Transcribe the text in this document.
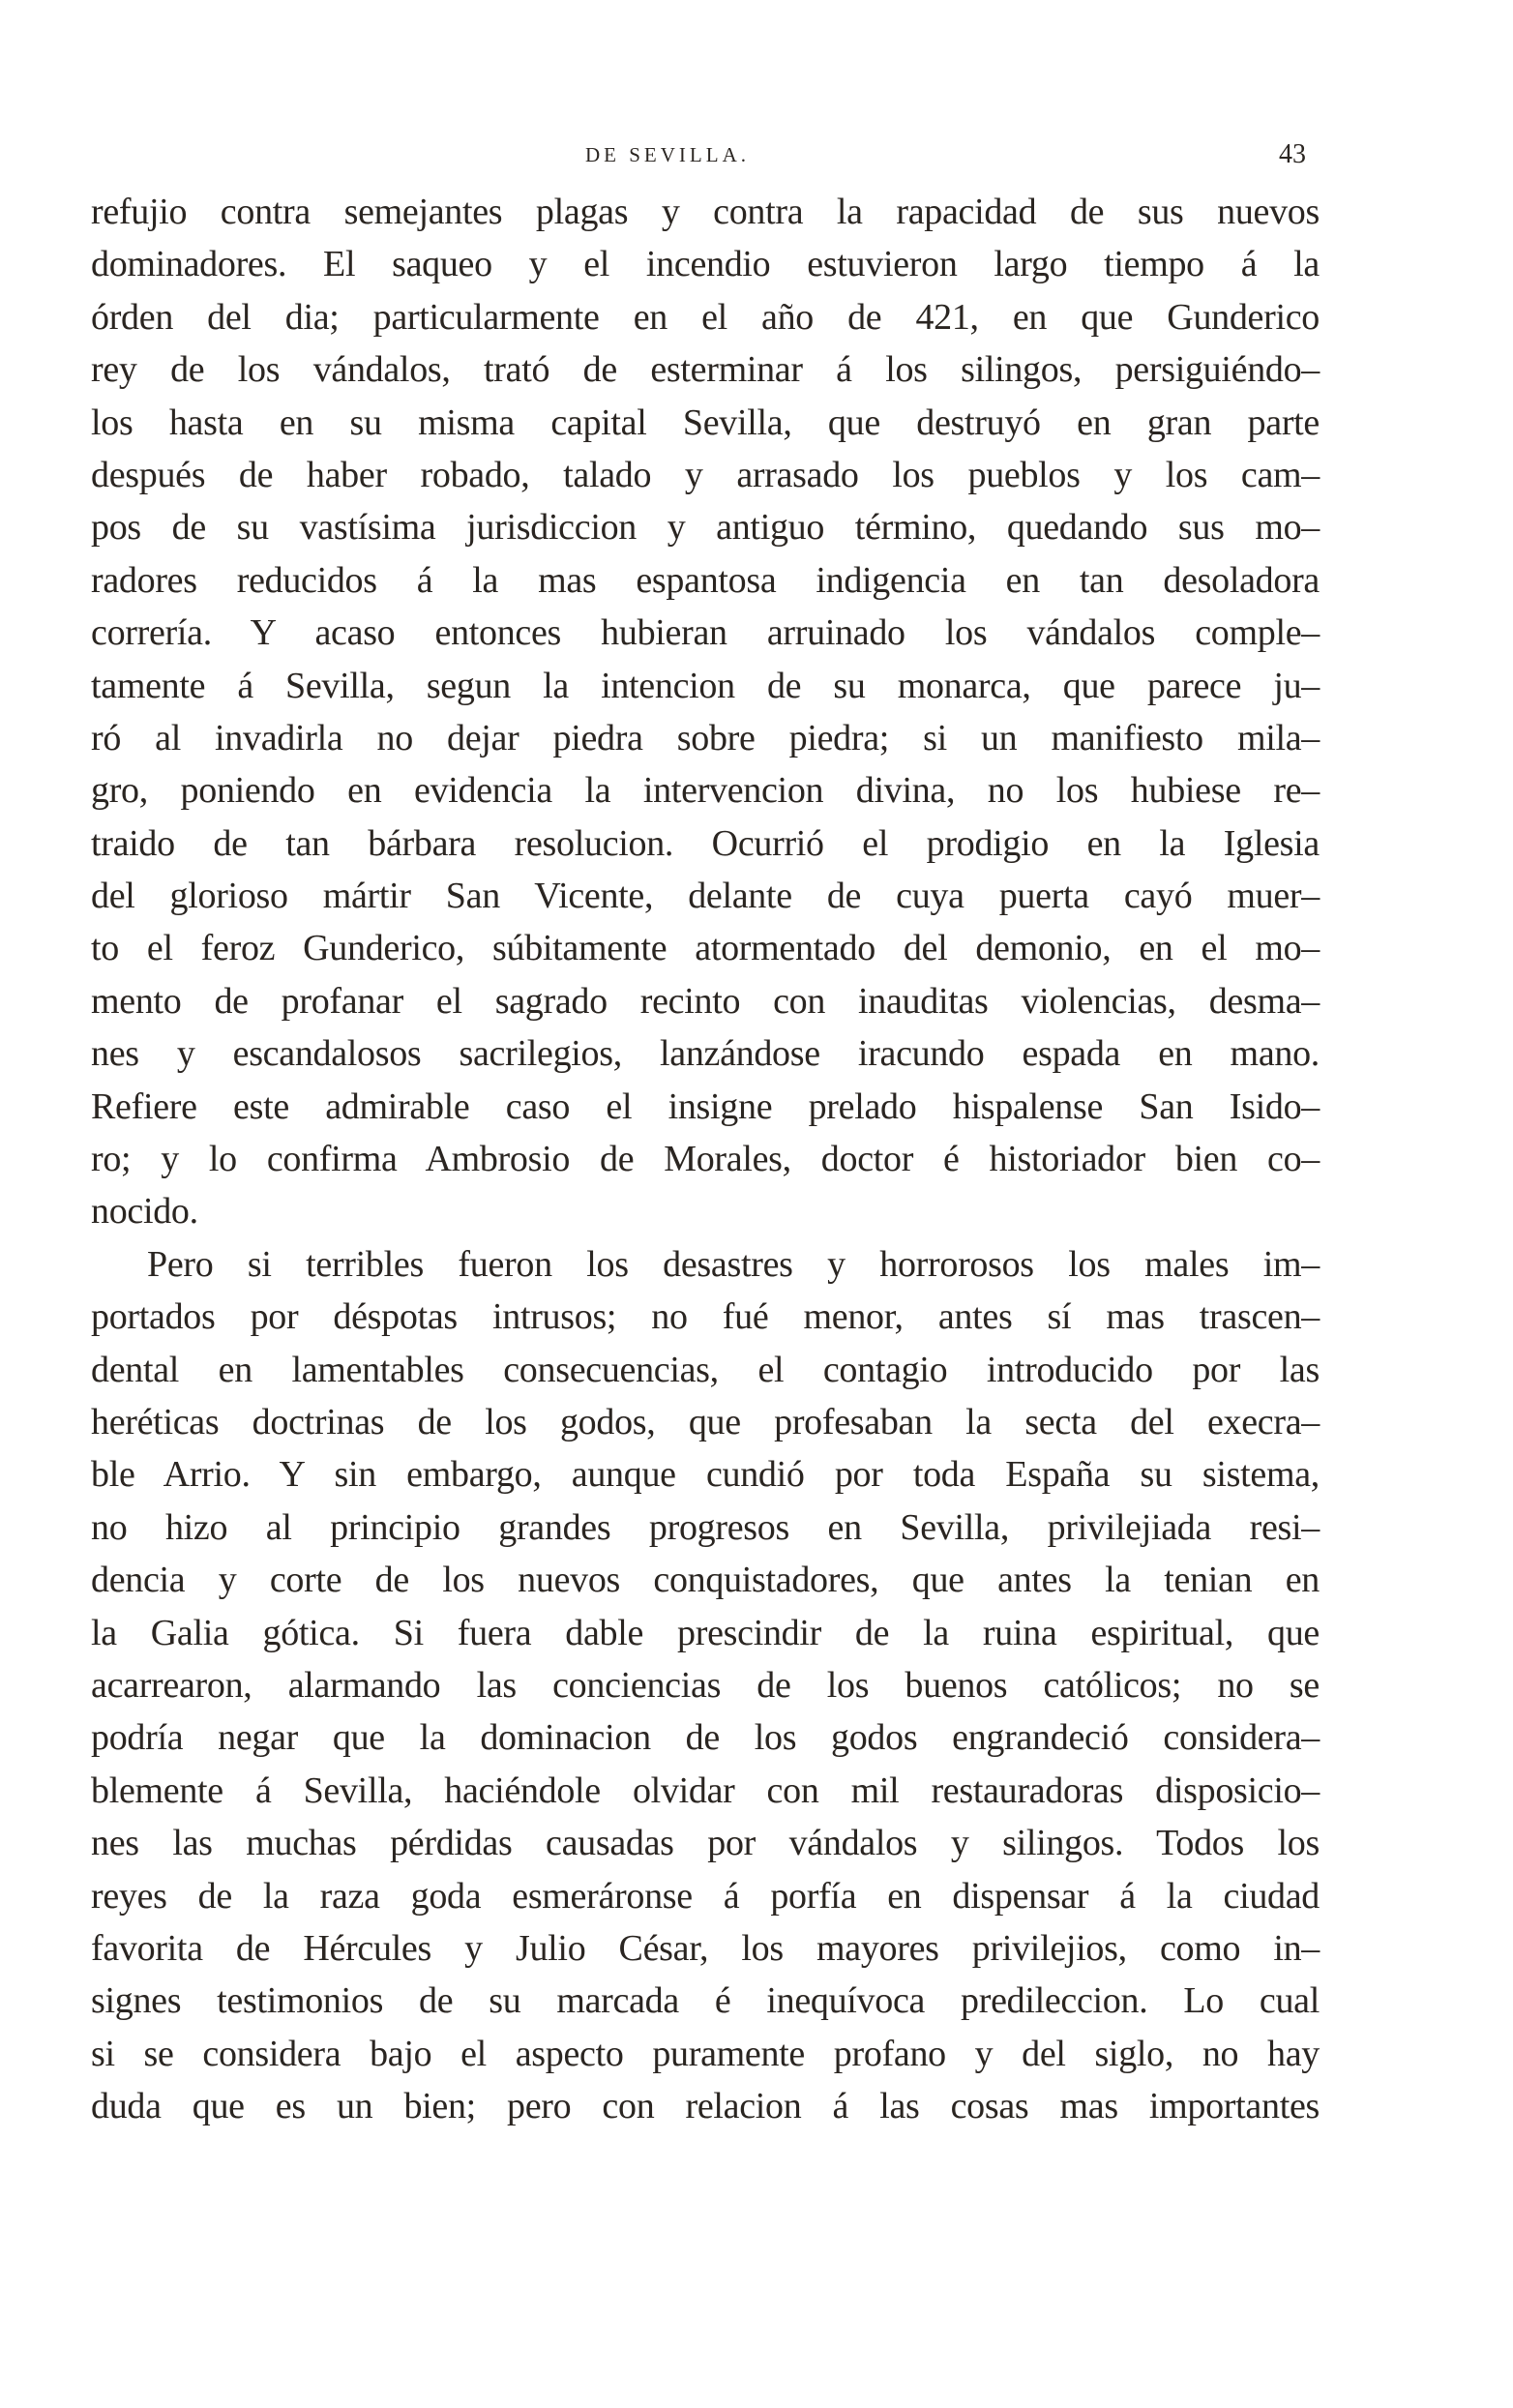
DE SEVILLA.	43
refujio contra semejantes plagas y contra la rapacidad de sus nuevos
dominadores. El saqueo y el incendio estuvieron largo tiempo á la
órden del dia; particularmente en el año de 421, en que Gunderico
rey de los vándalos, trató de esterminar á los silingos, persiguiéndo–
los hasta en su misma capital Sevilla, que destruyó en gran parte
después de haber robado, talado y arrasado los pueblos y los cam–
pos de su vastísima jurisdiccion y antiguo término, quedando sus mo–
radores reducidos á la mas espantosa indigencia en tan desoladora
correría. Y acaso entonces hubieran arruinado los vándalos comple–
tamente á Sevilla, segun la intencion de su monarca, que parece ju–
ró al invadirla no dejar piedra sobre piedra; si un manifiesto mila–
gro, poniendo en evidencia la intervencion divina, no los hubiese re–
traido de tan bárbara resolucion. Ocurrió el prodigio en la Iglesia
del glorioso mártir San Vicente, delante de cuya puerta cayó muer–
to el feroz Gunderico, súbitamente atormentado del demonio, en el mo–
mento de profanar el sagrado recinto con inauditas violencias, desma–
nes y escandalosos sacrilegios, lanzándose iracundo espada en mano.
Refiere este admirable caso el insigne prelado hispalense San Isido–
ro; y lo confirma Ambrosio de Morales, doctor é historiador bien co–
nocido.
Pero si terribles fueron los desastres y horrorosos los males im–
portados por déspotas intrusos; no fué menor, antes sí mas trascen–
dental en lamentables consecuencias, el contagio introducido por las
heréticas doctrinas de los godos, que profesaban la secta del execra–
ble Arrio. Y sin embargo, aunque cundió por toda España su sistema,
no hizo al principio grandes progresos en Sevilla, privilejiada resi–
dencia y corte de los nuevos conquistadores, que antes la tenian en
la Galia gótica. Si fuera dable prescindir de la ruina espiritual, que
acarrearon, alarmando las conciencias de los buenos católicos; no se
podría negar que la dominacion de los godos engrandeció considera–
blemente á Sevilla, haciéndole olvidar con mil restauradoras disposicio–
nes las muchas pérdidas causadas por vándalos y silingos. Todos los
reyes de la raza goda esmeráronse á porfía en dispensar á la ciudad
favorita de Hércules y Julio César, los mayores privilejios, como in–
signes testimonios de su marcada é inequívoca predileccion. Lo cual
si se considera bajo el aspecto puramente profano y del siglo, no hay
duda que es un bien; pero con relacion á las cosas mas importantes
